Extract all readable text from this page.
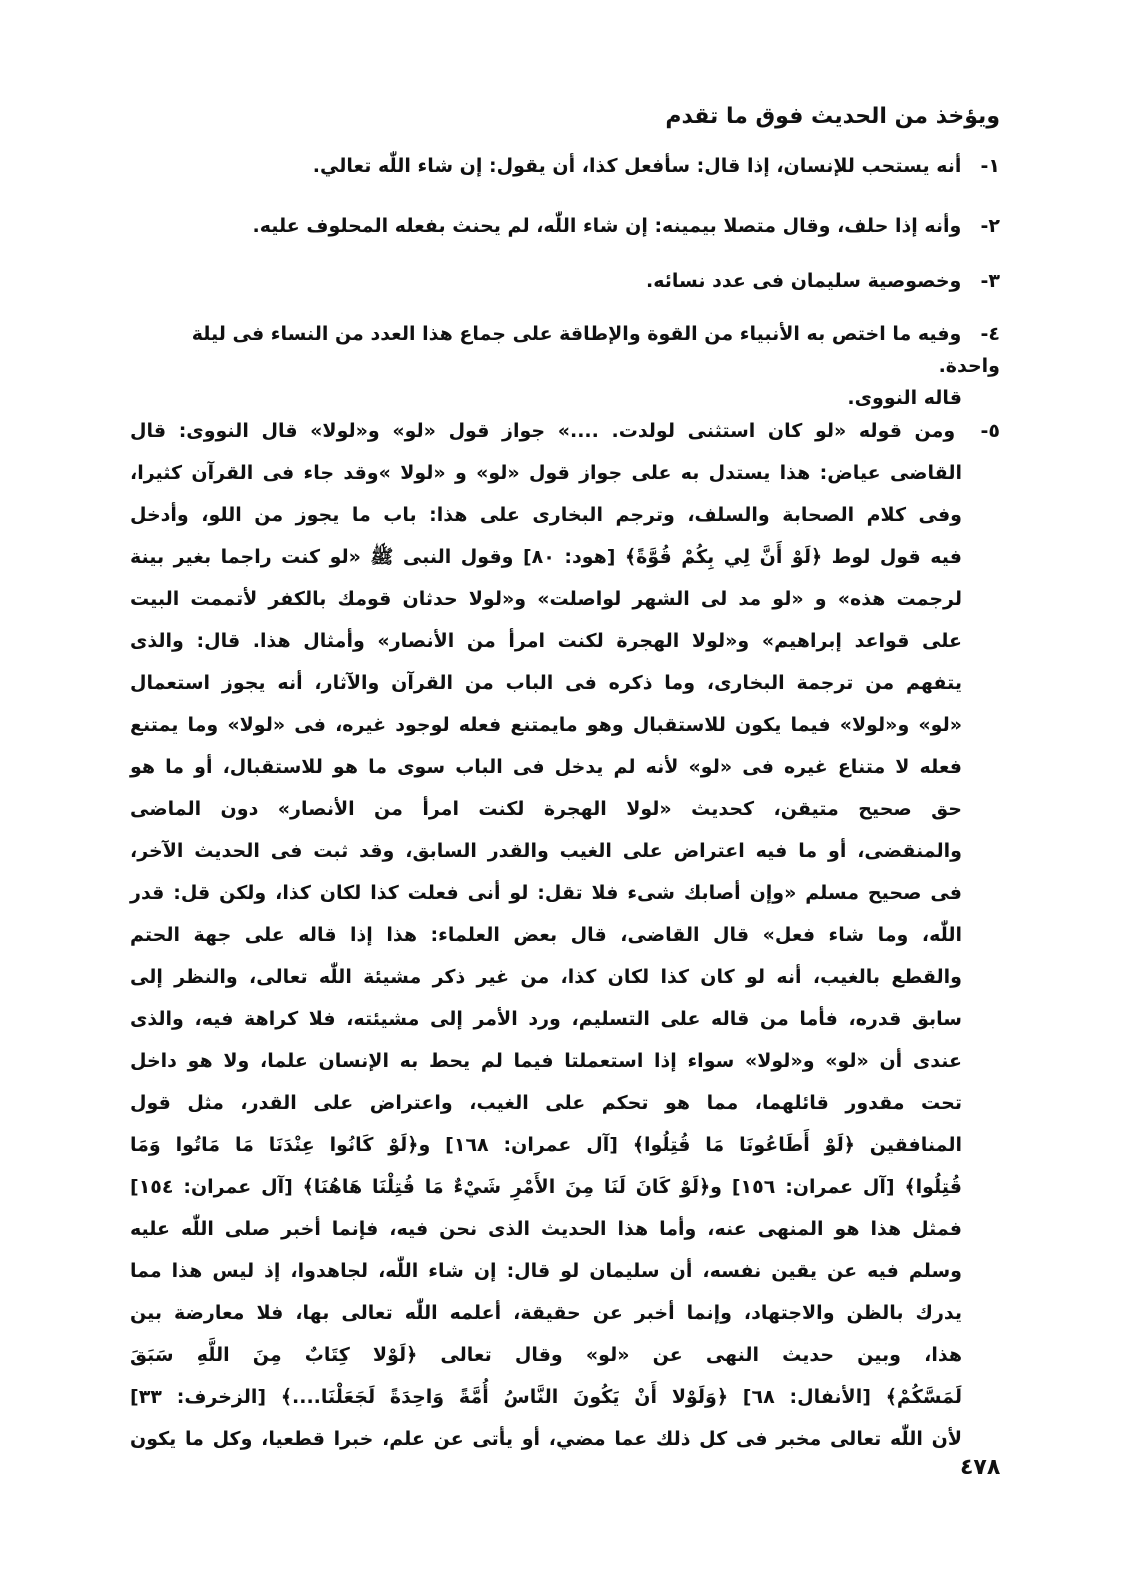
ويؤخذ من الحديث فوق ما تقدم
١- أنه يستحب للإنسان، إذا قال: سأفعل كذا، أن يقول: إن شاء اللّٰه تعالي.
٢- وأنه إذا حلف، وقال متصلا بيمينه: إن شاء اللّٰه، لم يحنث بفعله المحلوف عليه.
٣- وخصوصية سليمان فى عدد نسائه.
٤- وفيه ما اختص به الأنبياء من القوة والإطاقة على جماع هذا العدد من النساء فى ليلة واحدة.
قاله النووى.
٥-  ومن قوله «لو كان استثنى لولدت. ....» جواز قول «لو» و«لولا» قال النووى: قال
القاضى عياض: هذا يستدل به على جواز قول «لو» و «لولا »وقد جاء فى القرآن كثيرا،
وفى كلام الصحابة والسلف، وترجم البخارى على هذا: باب ما يجوز من اللو، وأدخل
فيه قول لوط ﴿لَوْ أَنَّ لِي بِكُمْ قُوَّةً﴾ [هود: ٨٠] وقول النبى ﷺ «لو كنت راجما بغير بينة
لرجمت هذه» و «لو مد لى الشهر لواصلت» و«لولا حدثان قومك بالكفر لأتممت البيت
على قواعد إبراهيم» و«لولا الهجرة لكنت امرأ من الأنصار» وأمثال هذا. قال: والذى
يتفهم من ترجمة البخارى، وما ذكره فى الباب من القرآن والآثار، أنه يجوز استعمال
«لو» و«لولا» فيما يكون للاستقبال وهو مايمتنع فعله لوجود غيره، فى «لولا» وما يمتنع
فعله لا متناع غيره فى «لو» لأنه لم يدخل فى الباب سوى ما هو للاستقبال، أو ما هو
حق صحيح متيقن، كحديث «لولا الهجرة لكنت امرأ من الأنصار» دون الماضى
والمنقضى، أو ما فيه اعتراض على الغيب والقدر السابق، وقد ثبت فى الحديث الآخر،
فى صحيح مسلم «وإن أصابك شىء فلا تقل: لو أنى فعلت كذا لكان كذا، ولكن قل: قدر
اللّٰه، وما شاء فعل» قال القاضى، قال بعض العلماء: هذا إذا قاله على جهة الحتم
والقطع بالغيب، أنه لو كان كذا لكان كذا، من غير ذكر مشيئة اللّٰه تعالى، والنظر إلى
سابق قدره، فأما من قاله على التسليم، ورد الأمر إلى مشيئته، فلا كراهة فيه، والذى
عندى أن «لو» و«لولا» سواء إذا استعملتا فيما لم يحط به الإنسان علما، ولا هو داخل
تحت مقدور قائلهما، مما هو تحكم على الغيب، واعتراض على القدر، مثل قول
المنافقين ﴿لَوْ أَطَاعُونَا مَا قُتِلُوا﴾ [آل عمران: ١٦٨] و﴿لَوْ كَانُوا عِنْدَنَا مَا مَاتُوا وَمَا
قُتِلُوا﴾ [آل عمران: ١٥٦] و﴿لَوْ كَانَ لَنَا مِنَ الأَمْرِ شَيْءٌ مَا قُتِلْنَا هَاهُنَا﴾ [آل عمران: ١٥٤]
فمثل هذا هو المنهى عنه، وأما هذا الحديث الذى نحن فيه، فإنما أخبر صلى اللّٰه عليه
وسلم فيه عن يقين نفسه، أن سليمان لو قال: إن شاء اللّٰه، لجاهدوا، إذ ليس هذا مما
يدرك بالظن والاجتهاد، وإنما أخبر عن حقيقة، أعلمه اللّٰه تعالى بها، فلا معارضة بين
هذا، وبين حديث النهى عن «لو» وقال تعالى ﴿لَوْلا كِتَابٌ مِنَ اللَّهِ سَبَقَ
لَمَسَّكُمْ﴾ [الأنفال: ٦٨] ﴿وَلَوْلا أَنْ يَكُونَ النَّاسُ أُمَّةً وَاحِدَةً لَجَعَلْنَا....﴾ [الزخرف: ٣٣]
لأن اللّٰه تعالى مخبر فى كل ذلك عما مضي، أو يأتى عن علم، خبرا قطعيا، وكل ما يكون
٤٧٨
